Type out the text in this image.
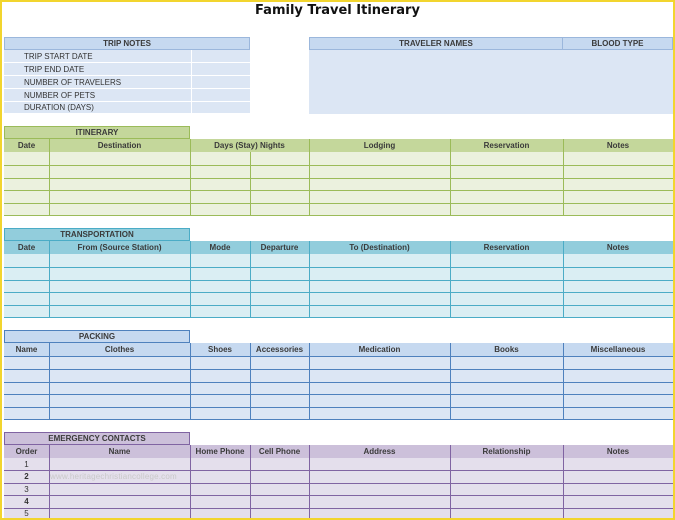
Family Travel Itinerary
TRIP NOTES
TRIP START DATE
TRIP END DATE
NUMBER OF TRAVELERS
NUMBER OF PETS
DURATION (DAYS)
TRAVELER NAMES	BLOOD TYPE
ITINERARY
Date	Destination	Days (Stay) Nights	Lodging	Reservation	Notes
TRANSPORTATION
Date	From (Source Station)	Mode	Departure	To (Destination)	Reservation	Notes
PACKING
Name	Clothes	Shoes	Accessories	Medication	Books	Miscellaneous
EMERGENCY CONTACTS
Order	Name	Home Phone	Cell Phone	Address	Relationship	Notes
1
2
3
4
5
www.heritagechristiancollege.com
